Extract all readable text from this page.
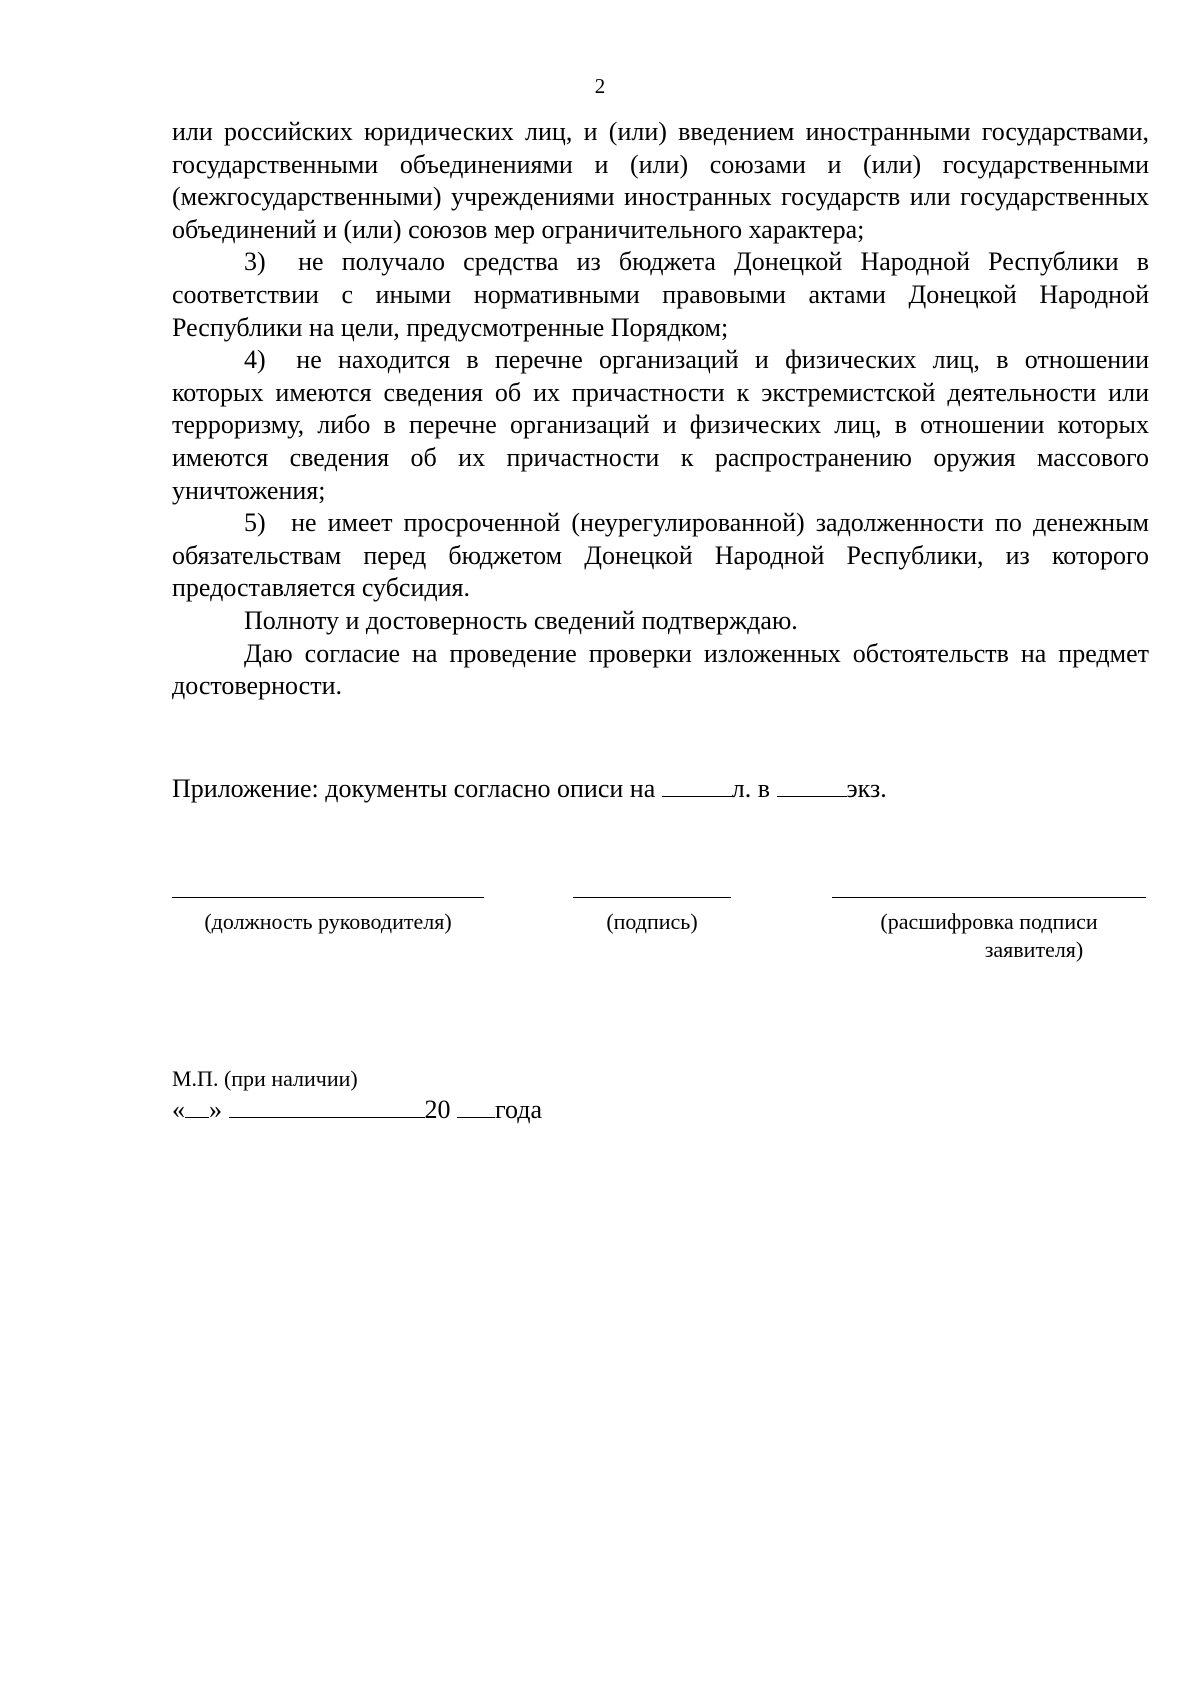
2

или российских юридических лиц, и (или) введением иностранными государствами, государственными объединениями и (или) союзами и (или) государственными (межгосударственными) учреждениями иностранных государств или государственных объединений и (или) союзов мер ограничительного характера;

3) не получало средства из бюджета Донецкой Народной Республики в соответствии с иными нормативными правовыми актами Донецкой Народной Республики на цели, предусмотренные Порядком;

4) не находится в перечне организаций и физических лиц, в отношении которых имеются сведения об их причастности к экстремистской деятельности или терроризму, либо в перечне организаций и физических лиц, в отношении которых имеются сведения об их причастности к распространению оружия массового уничтожения;

5) не имеет просроченной (неурегулированной) задолженности по денежным обязательствам перед бюджетом Донецкой Народной Республики, из которого предоставляется субсидия.

Полноту и достоверность сведений подтверждаю.

Даю согласие на проведение проверки изложенных обстоятельств на предмет достоверности.

Приложение: документы согласно описи на	л. в	экз.
(должность руководителя)	(подпись)	(расшифровка подписи
заявителя)
М.П. (при наличии)
« »	20 года
